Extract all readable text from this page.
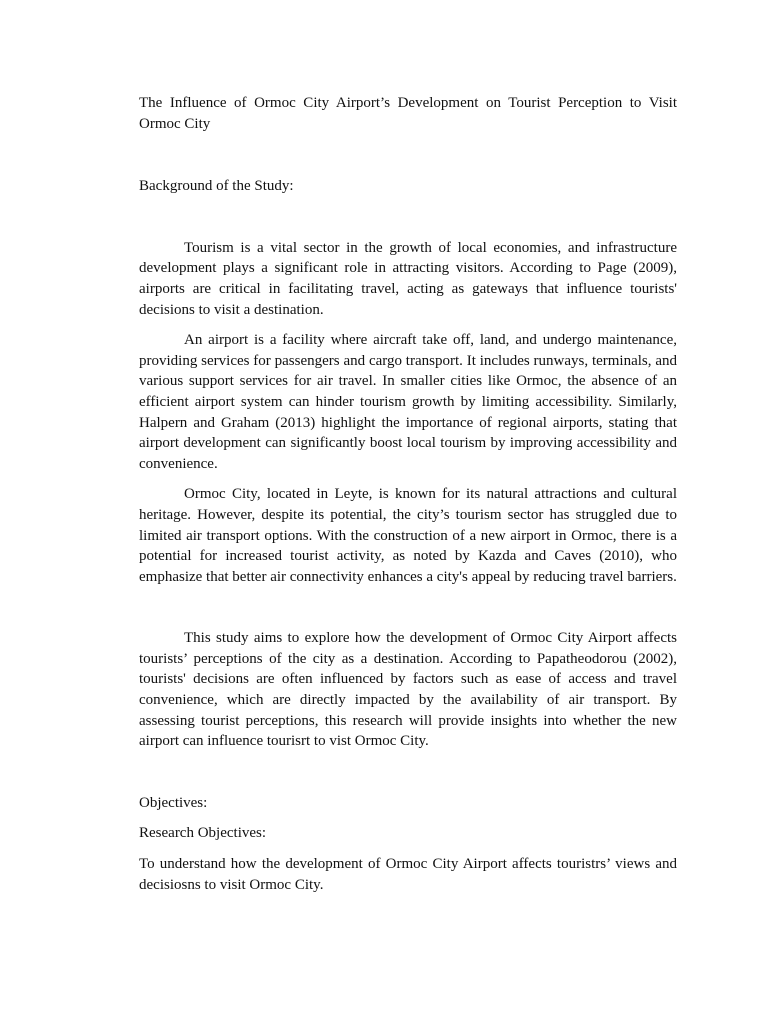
The Influence of Ormoc City Airport’s Development on Tourist Perception to Visit Ormoc City

Background of the Study:

Tourism is a vital sector in the growth of local economies, and infrastructure development plays a significant role in attracting visitors. According to Page (2009), airports are critical in facilitating travel, acting as gateways that influence tourists' decisions to visit a destination.

An airport is a facility where aircraft take off, land, and undergo maintenance, providing services for passengers and cargo transport. It includes runways, terminals, and various support services for air travel. In smaller cities like Ormoc, the absence of an efficient airport system can hinder tourism growth by limiting accessibility. Similarly, Halpern and Graham (2013) highlight the importance of regional airports, stating that airport development can significantly boost local tourism by improving accessibility and convenience.

Ormoc City, located in Leyte, is known for its natural attractions and cultural heritage. However, despite its potential, the city’s tourism sector has struggled due to limited air transport options. With the construction of a new airport in Ormoc, there is a potential for increased tourist activity, as noted by Kazda and Caves (2010), who emphasize that better air connectivity enhances a city's appeal by reducing travel barriers.

This study aims to explore how the development of Ormoc City Airport affects tourists’ perceptions of the city as a destination. According to Papatheodorou (2002), tourists' decisions are often influenced by factors such as ease of access and travel convenience, which are directly impacted by the availability of air transport. By assessing tourist perceptions, this research will provide insights into whether the new airport can influence tourisrt to vist Ormoc City.

Objectives:

Research Objectives:

To understand how the development of Ormoc City Airport affects touristrs’ views and decisiosns to visit Ormoc City.
